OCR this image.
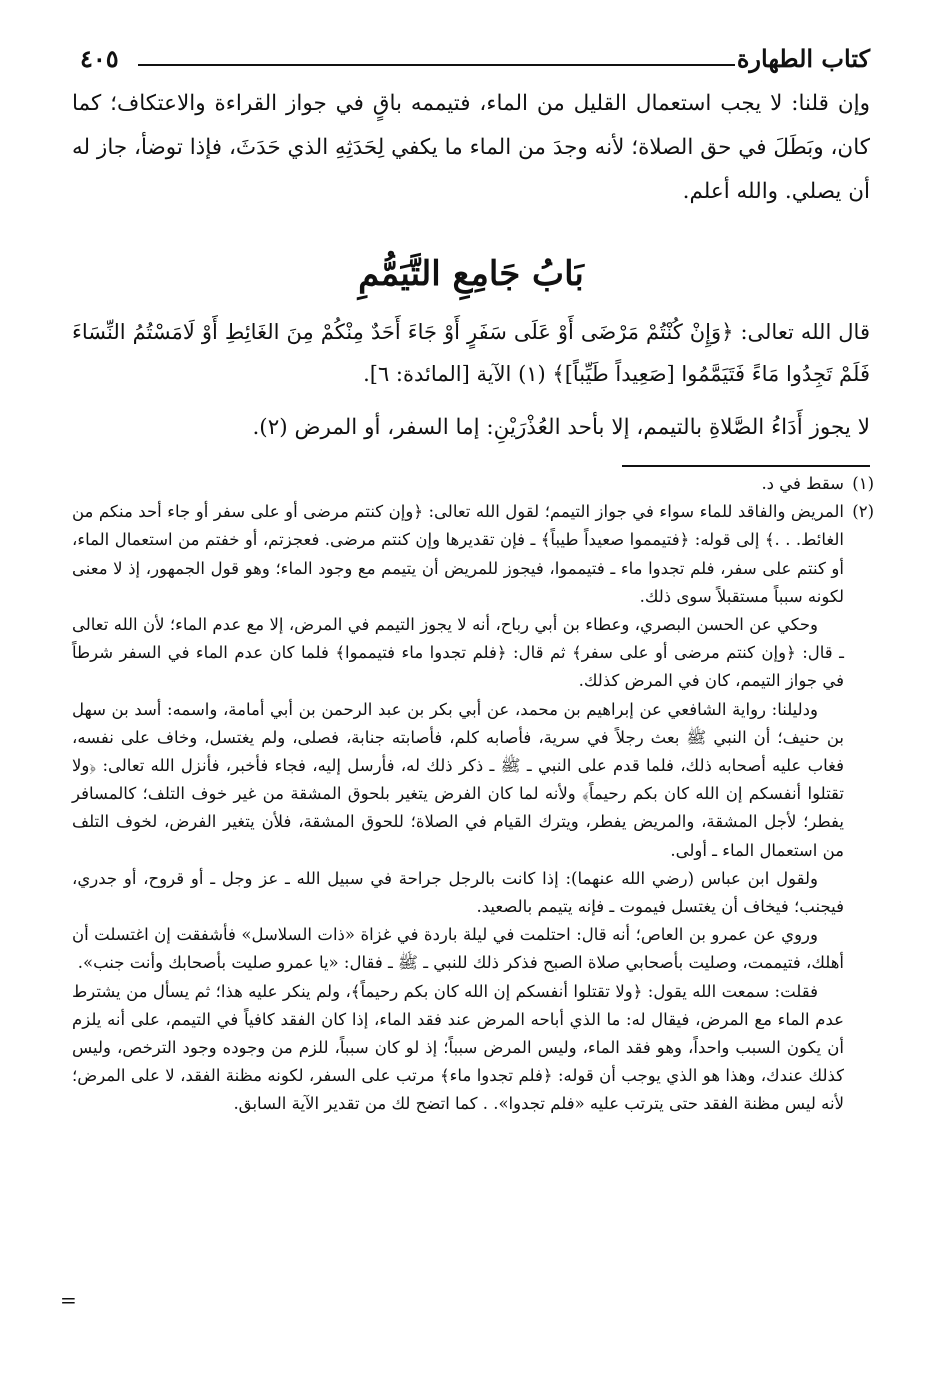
كتاب الطهارة
٤٠٥

وإن قلنا: لا يجب استعمال القليل من الماء، فتيممه باقٍ في جواز القراءة والاعتكاف؛ كما كان، وبَطَلَ في حق الصلاة؛ لأنه وجدَ من الماء ما يكفي لِحَدَثِهِ الذي حَدَثَ، فإذا توضأ، جاز له أن يصلي. والله أعلم.

بَابُ جَامِعِ التَّيَمُّمِ

قال الله تعالى: ﴿وَإِنْ كُنْتُمْ مَرْضَى أَوْ عَلَى سَفَرٍ أَوْ جَاءَ أَحَدٌ مِنْكُمْ مِنَ الغَائِطِ أَوْ لَامَسْتُمُ النِّسَاءَ فَلَمْ تَجِدُوا مَاءً فَتَيَمَّمُوا [صَعِيداً طَيِّباً]﴾ (١) الآية [المائدة: ٦].

لا يجوز أَدَاءُ الصَّلاةِ بالتيمم، إلا بأحد العُذْرَيْنِ: إما السفر، أو المرض (٢).

(١)

سقط في د.

(٢)

المريض والفاقد للماء سواء في جواز التيمم؛ لقول الله تعالى: ﴿وإن كنتم مرضى أو على سفر أو جاء أحد منكم من الغائط. . .﴾ إلى قوله: ﴿فتيمموا صعيداً طيباً﴾ ـ فإن تقديرها وإن كنتم مرضى. فعجزتم، أو خفتم من استعمال الماء، أو كنتم على سفر، فلم تجدوا ماء ـ فتيمموا، فيجوز للمريض أن يتيمم مع وجود الماء؛ وهو قول الجمهور، إذ لا معنى لكونه سبباً مستقبلاً سوى ذلك.

وحكي عن الحسن البصري، وعطاء بن أبي رباح، أنه لا يجوز التيمم في المرض، إلا مع عدم الماء؛ لأن الله تعالى ـ قال: ﴿وإن كنتم مرضى أو على سفر﴾ ثم قال: ﴿فلم تجدوا ماء فتيمموا﴾ فلما كان عدم الماء في السفر شرطاً في جواز التيمم، كان في المرض كذلك.

ودليلنا: رواية الشافعي عن إبراهيم بن محمد، عن أبي بكر بن عبد الرحمن بن أبي أمامة، واسمه: أسد بن سهل بن حنيف؛ أن النبي ﷺ بعث رجلاً في سرية، فأصابه كلم، فأصابته جنابة، فصلى، ولم يغتسل، وخاف على نفسه، فغاب عليه أصحابه ذلك، فلما قدم على النبي ـ ﷺ ـ ذكر ذلك له، فأرسل إليه، فجاء فأخبر، فأنزل الله تعالى: ﴿ولا تقتلوا أنفسكم إن الله كان بكم رحيماً﴾ ولأنه لما كان الفرض يتغير بلحوق المشقة من غير خوف التلف؛ كالمسافر يفطر؛ لأجل المشقة، والمريض يفطر، ويترك القيام في الصلاة؛ للحوق المشقة، فلأن يتغير الفرض، لخوف التلف من استعمال الماء ـ أولى.

ولقول ابن عباس (رضي الله عنهما): إذا كانت بالرجل جراحة في سبيل الله ـ عز وجل ـ أو قروح، أو جدري، فيجنب؛ فيخاف أن يغتسل فيموت ـ فإنه يتيمم بالصعيد.

وروي عن عمرو بن العاص؛ أنه قال: احتلمت في ليلة باردة في غزاة «ذات السلاسل» فأشفقت إن اغتسلت أن أهلك، فتيممت، وصليت بأصحابي صلاة الصبح فذكر ذلك للنبي ـ ﷺ ـ فقال: «يا عمرو صليت بأصحابك وأنت جنب».

فقلت: سمعت الله يقول: ﴿ولا تقتلوا أنفسكم إن الله كان بكم رحيماً﴾، ولم ينكر عليه هذا؛ ثم يسأل من يشترط عدم الماء مع المرض، فيقال له: ما الذي أباحه المرض عند فقد الماء، إذا كان الفقد كافياً في التيمم، على أنه يلزم أن يكون السبب واحداً، وهو فقد الماء، وليس المرض سبباً؛ إذ لو كان سبباً، للزم من وجوده وجود الترخص، وليس كذلك عندك، وهذا هو الذي يوجب أن قوله: ﴿فلم تجدوا ماء﴾ مرتب على السفر، لكونه مظنة الفقد، لا على المرض؛ لأنه ليس مظنة الفقد حتى يترتب عليه «فلم تجدوا». . كما اتضح لك من تقدير الآية السابق.

=
